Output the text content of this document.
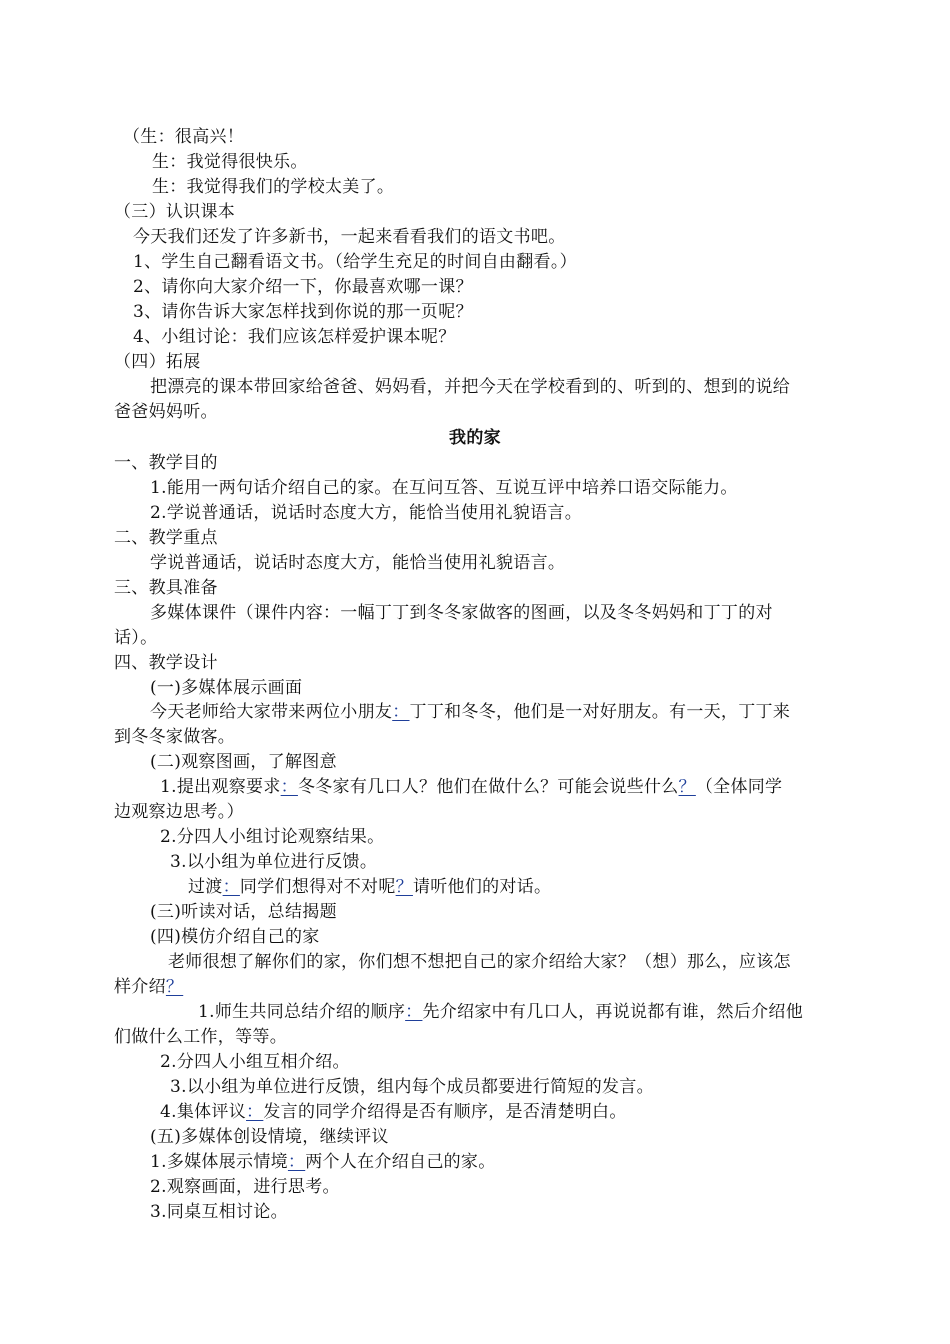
（生：很高兴！
生：我觉得很快乐。
生：我觉得我们的学校太美了。
（三）认识课本
今天我们还发了许多新书，一起来看看我们的语文书吧。
1、学生自己翻看语文书。（给学生充足的时间自由翻看。）
2、请你向大家介绍一下，你最喜欢哪一课？
3、请你告诉大家怎样找到你说的那一页呢？
4、小组讨论：我们应该怎样爱护课本呢？
（四）拓展
把漂亮的课本带回家给爸爸、妈妈看，并把今天在学校看到的、听到的、想到的说给
爸爸妈妈听。
我的家
一、教学目的
1.能用一两句话介绍自己的家。在互问互答、互说互评中培养口语交际能力。
2.学说普通话，说话时态度大方，能恰当使用礼貌语言。
二、教学重点
学说普通话，说话时态度大方，能恰当使用礼貌语言。
三、教具准备
多媒体课件（课件内容：一幅丁丁到冬冬家做客的图画，以及冬冬妈妈和丁丁的对
话）。
四、教学设计
(一)多媒体展示画面
今天老师给大家带来两位小朋友：丁丁和冬冬，他们是一对好朋友。有一天，丁丁来
到冬冬家做客。
(二)观察图画，了解图意
1.提出观察要求：冬冬家有几口人？他们在做什么？可能会说些什么？（全体同学
边观察边思考。）
2.分四人小组讨论观察结果。
3.以小组为单位进行反馈。
过渡：同学们想得对不对呢？请听他们的对话。
(三)听读对话，总结揭题
(四)模仿介绍自己的家
老师很想了解你们的家，你们想不想把自己的家介绍给大家？（想）那么，应该怎
样介绍？
1.师生共同总结介绍的顺序：先介绍家中有几口人，再说说都有谁，然后介绍他
们做什么工作，等等。
2.分四人小组互相介绍。
3.以小组为单位进行反馈，组内每个成员都要进行简短的发言。
4.集体评议：发言的同学介绍得是否有顺序，是否清楚明白。
(五)多媒体创设情境，继续评议
1.多媒体展示情境：两个人在介绍自己的家。
2.观察画面，进行思考。
3.同桌互相讨论。
